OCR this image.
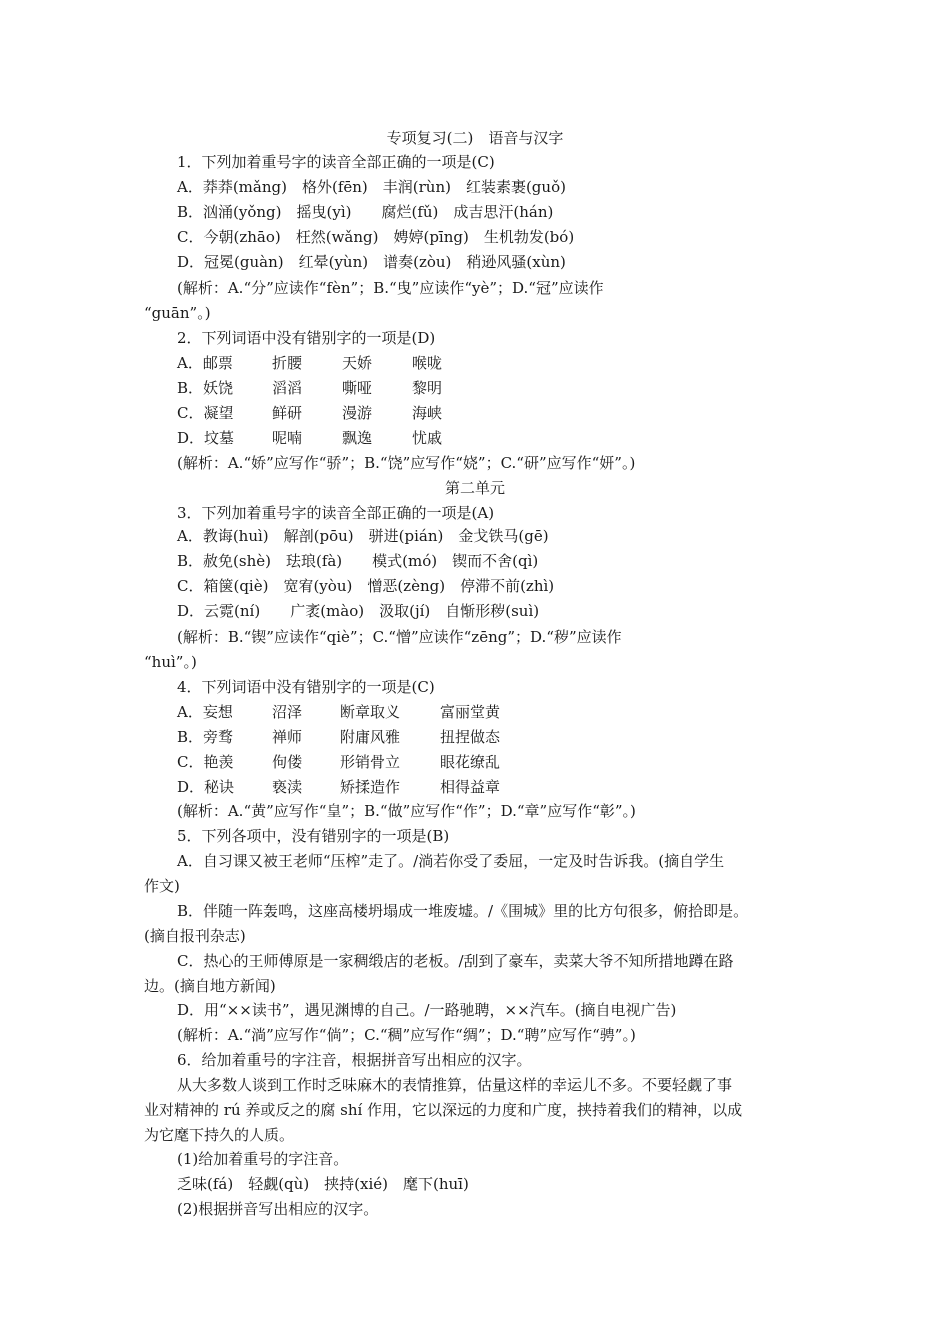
专项复习(二)　语音与汉字
1．下列加着重号字的读音全部正确的一项是(C)
A．莽莽(mǎng)　格外(fēn)　丰润(rùn)　红装素裹(guǒ)
B．汹涌(yǒng)　摇曳(yì)　　腐烂(fǔ)　成吉思汗(hán)
C．今朝(zhāo)　枉然(wǎng)　娉婷(pīng)　生机勃发(bó)
D．冠冕(guàn)　红晕(yùn)　谱奏(zòu)　稍逊风骚(xùn)
(解析：A.“分”应读作“fèn”；B.“曳”应读作“yè”；D.“冠”应读作
“guān”。)
2．下列词语中没有错别字的一项是(D)
A．邮票	折腰	天娇	喉咙
B．妖饶	滔滔	嘶哑	黎明
C．凝望	鲜研	漫游	海峡
D．坟墓	呢喃	飘逸	忧戚
(解析：A.“娇”应写作“骄”；B.“饶”应写作“娆”；C.“研”应写作“妍”。)
第二单元
3．下列加着重号字的读音全部正确的一项是(A)
A．教诲(huì)　解剖(pōu)　骈进(pián)　金戈铁马(gē)
B．赦免(shè)　珐琅(fà)　　模式(mó)　锲而不舍(qì)
C．箱箧(qiè)　宽宥(yòu)　憎恶(zèng)　停滞不前(zhì)
D．云霓(ní)　　广袤(mào)　汲取(jí)　自惭形秽(suì)
(解析：B.“锲”应读作“qiè”；C.“憎”应读作“zēng”；D.“秽”应读作
“huì”。)
4．下列词语中没有错别字的一项是(C)
A．妄想	沼泽	断章取义	富丽堂黄
B．旁骛	禅师	附庸风雅	扭捏做态
C．艳羡	佝偻	形销骨立	眼花缭乱
D．秘诀	亵渎	矫揉造作	相得益章
(解析：A.“黄”应写作“皇”；B.“做”应写作“作”；D.“章”应写作“彰”。)
5．下列各项中，没有错别字的一项是(B)
A．自习课又被王老师“压榨”走了。/淌若你受了委屈，一定及时告诉我。(摘自学生
作文)
B．伴随一阵轰鸣，这座高楼坍塌成一堆废墟。/《围城》里的比方句很多，俯拾即是。
(摘自报刊杂志)
C．热心的王师傅原是一家稠缎店的老板。/刮到了豪车，卖菜大爷不知所措地蹲在路
边。(摘自地方新闻)
D．用“××读书”，遇见渊博的自己。/一路驰聘，××汽车。(摘自电视广告)
(解析：A.“淌”应写作“倘”；C.“稠”应写作“绸”；D.“聘”应写作“骋”。)
6．给加着重号的字注音，根据拼音写出相应的汉字。
从大多数人谈到工作时乏味麻木的表情推算，估量这样的幸运儿不多。不要轻觑了事
业对精神的 rú 养或反之的腐 shí 作用，它以深远的力度和广度，挟持着我们的精神，以成
为它麾下持久的人质。
(1)给加着重号的字注音。
乏味(fá)　轻觑(qù)　挟持(xié)　麾下(huī)
(2)根据拼音写出相应的汉字。
